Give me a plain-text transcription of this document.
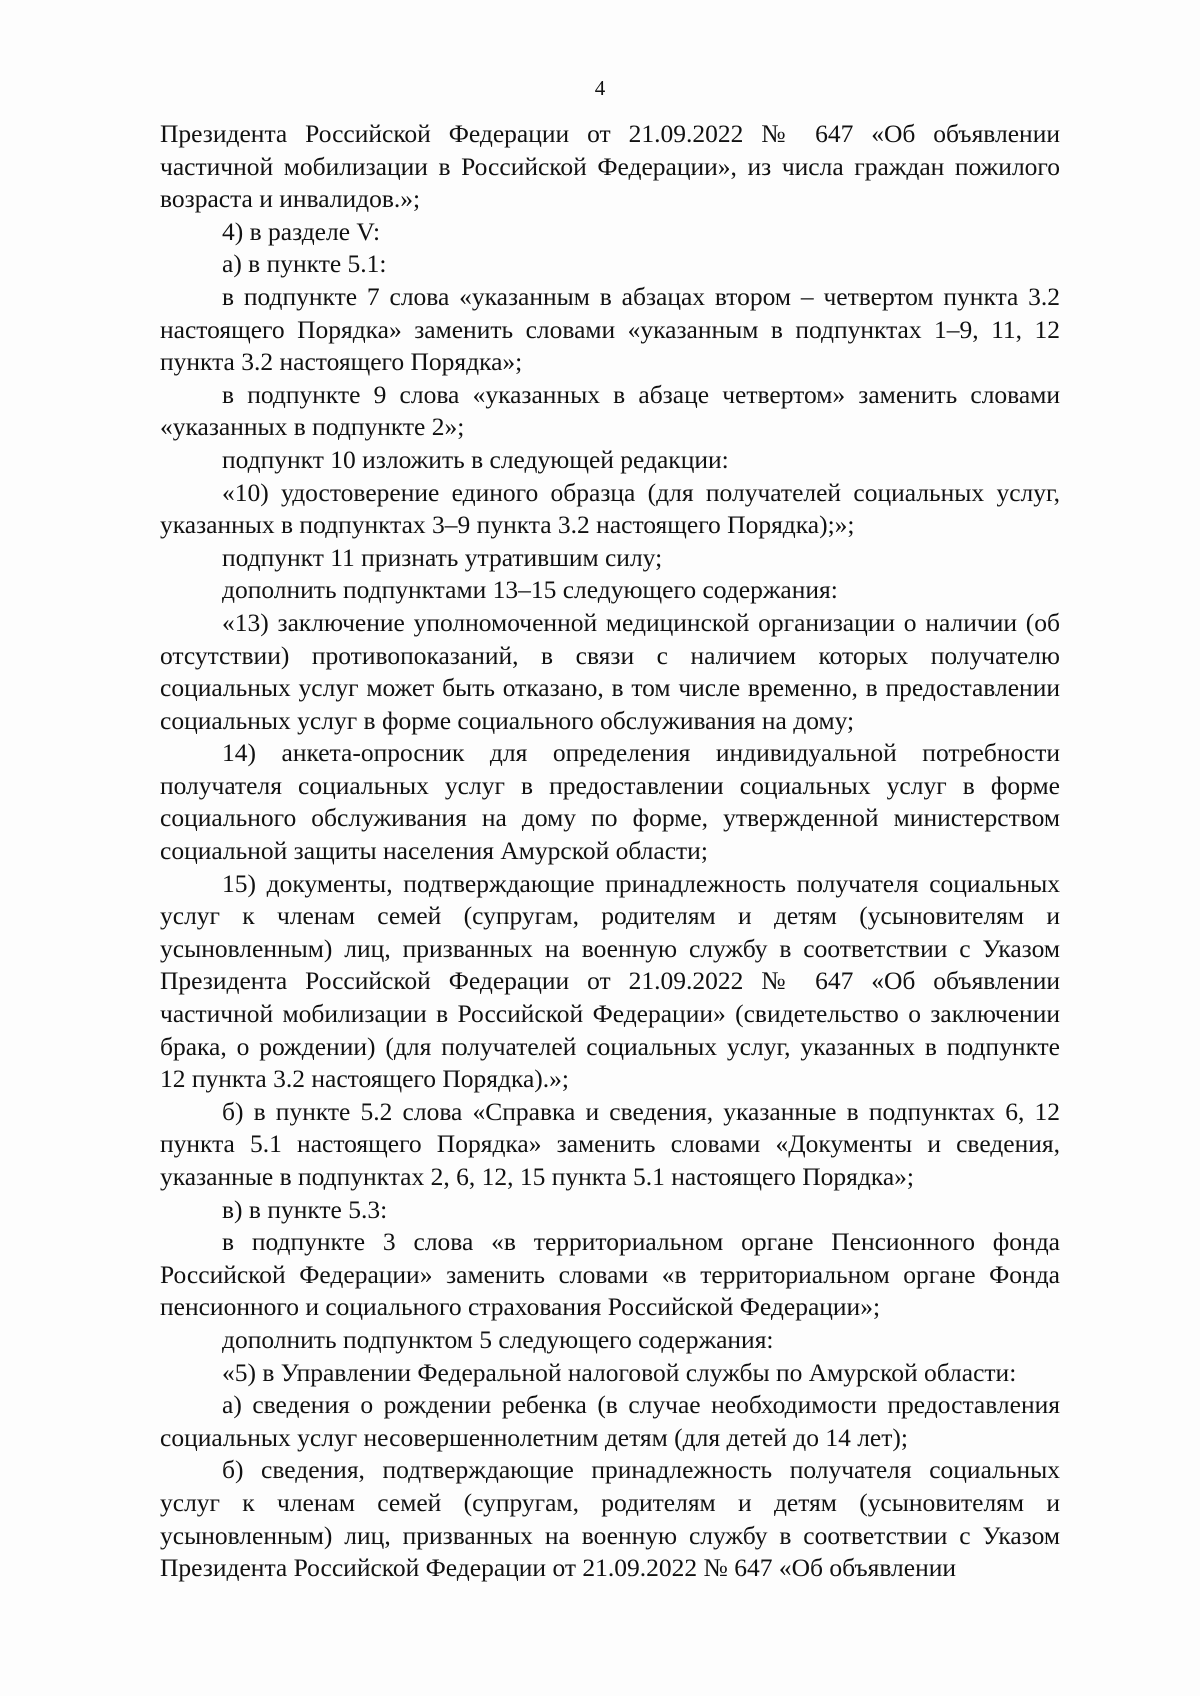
4

Президента Российской Федерации от 21.09.2022 № 647 «Об объявлении частичной мобилизации в Российской Федерации», из числа граждан пожилого возраста и инвалидов.»;

4) в разделе V:

а) в пункте 5.1:

в подпункте 7 слова «указанным в абзацах втором – четвертом пункта 3.2 настоящего Порядка» заменить словами «указанным в подпунктах 1–9, 11, 12 пункта 3.2 настоящего Порядка»;

в подпункте 9 слова «указанных в абзаце четвертом» заменить словами «указанных в подпункте 2»;

подпункт 10 изложить в следующей редакции:

«10) удостоверение единого образца (для получателей социальных услуг, указанных в подпунктах 3–9 пункта 3.2 настоящего Порядка);»;

подпункт 11 признать утратившим силу;

дополнить подпунктами 13–15 следующего содержания:

«13) заключение уполномоченной медицинской организации о наличии (об отсутствии) противопоказаний, в связи с наличием которых получателю социальных услуг может быть отказано, в том числе временно, в предоставлении социальных услуг в форме социального обслуживания на дому;

14) анкета-опросник для определения индивидуальной потребности получателя социальных услуг в предоставлении социальных услуг в форме социального обслуживания на дому по форме, утвержденной министерством социальной защиты населения Амурской области;

15) документы, подтверждающие принадлежность получателя социальных услуг к членам семей (супругам, родителям и детям (усыновителям и усыновленным) лиц, призванных на военную службу в соответствии с Указом Президента Российской Федерации от 21.09.2022 № 647 «Об объявлении частичной мобилизации в Российской Федерации» (свидетельство о заключении брака, о рождении) (для получателей социальных услуг, указанных в подпункте 12 пункта 3.2 настоящего Порядка).»;

б) в пункте 5.2 слова «Справка и сведения, указанные в подпунктах 6, 12 пункта 5.1 настоящего Порядка» заменить словами «Документы и сведения, указанные в подпунктах 2, 6, 12, 15 пункта 5.1 настоящего Порядка»;

в) в пункте 5.3:

в подпункте 3 слова «в территориальном органе Пенсионного фонда Российской Федерации» заменить словами «в территориальном органе Фонда пенсионного и социального страхования Российской Федерации»;

дополнить подпунктом 5 следующего содержания:

«5) в Управлении Федеральной налоговой службы по Амурской области:

а) сведения о рождении ребенка (в случае необходимости предоставления социальных услуг несовершеннолетним детям (для детей до 14 лет);

б) сведения, подтверждающие принадлежность получателя социальных услуг к членам семей (супругам, родителям и детям (усыновителям и усыновленным) лиц, призванных на военную службу в соответствии с Указом Президента Российской Федерации от 21.09.2022 № 647 «Об объявлении
